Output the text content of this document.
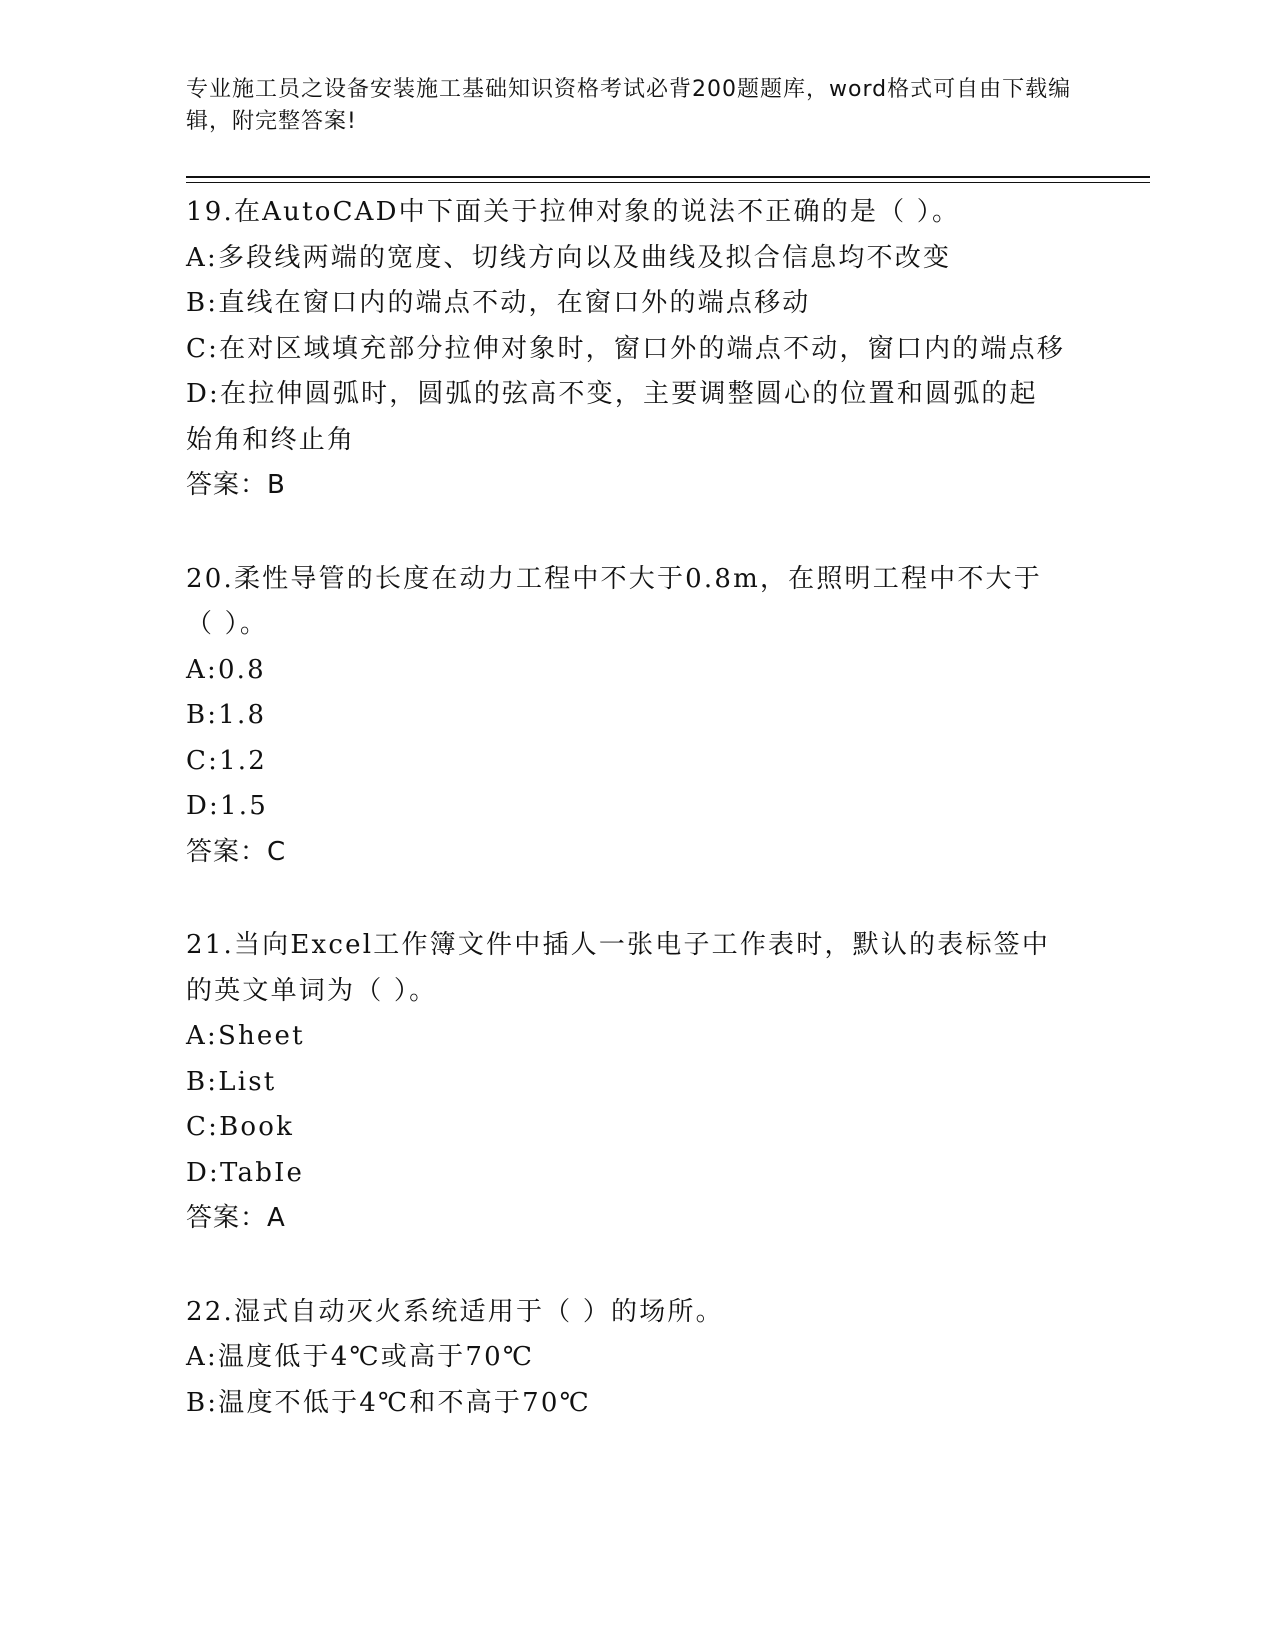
专业施工员之设备安装施工基础知识资格考试必背200题题库，word格式可自由下载编辑，附完整答案!
19.在AutoCAD中下面关于拉伸对象的说法不正确的是（ ）。
A: 多段线两端的宽度、切线方向以及曲线及拟合信息均不改变
B: 直线在窗口内的端点不动，在窗口外的端点移动
C:在对区域填充部分拉伸对象时，窗口外的端点不动，窗口内的端点移
D:在拉伸圆弧时，圆弧的弦高不变，主要调整圆心的位置和圆弧的起始角和终止角
答案：B
20.柔性导管的长度在动力工程中不大于0.8m，在照明工程中不大于（ ）。
A: 0.8
B: 1.8
C: 1.2
D: 1.5
答案：C
21.当向Excel工作簿文件中插人一张电子工作表时，默认的表标签中的英文单词为（ ）。
A: Sheet
B: List
C: Book
D: TabIe
答案：A
22.湿式自动灭火系统适用于（ ）的场所。
A: 温度低于4℃或高于70℃
B: 温度不低于4℃和不高于70℃
